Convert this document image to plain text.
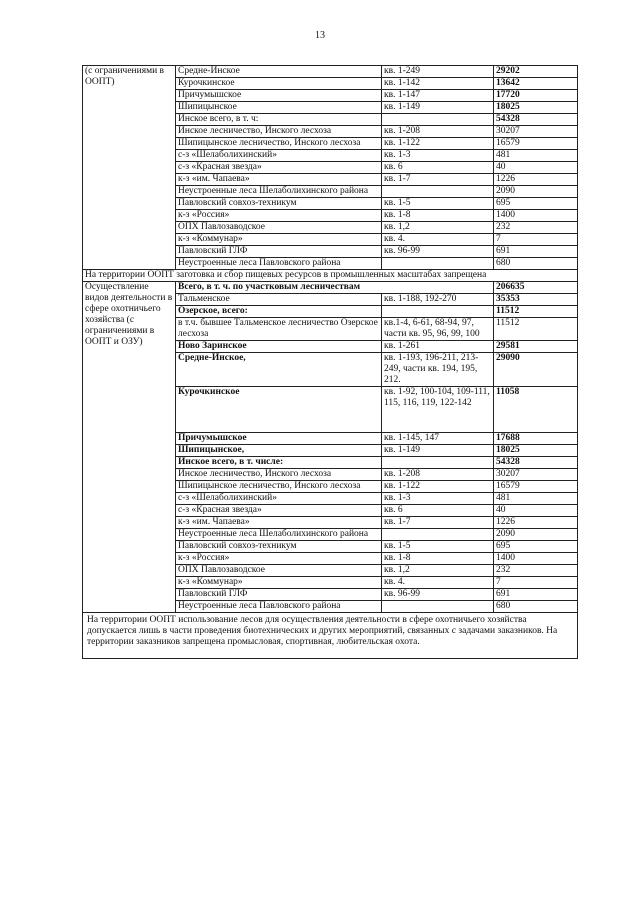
13
(с ограничениями в ООПТ)	Средне-Инское	кв. 1-249	29202
	Курочкинское	кв. 1-142	13642
	Причумышское	кв. 1-147	17720
	Шипицынское	кв. 1-149	18025
	Инское всего, в т. ч:		54328
	Инское лесничество, Инского лесхоза	кв. 1-208	30207
	Шипицынское лесничество, Инского лесхоза	кв. 1-122	16579
	с-з «Шелаболихинский»	кв. 1-3	481
	с-з «Красная звезда»	кв. 6	40
	к-з «им. Чапаева»	кв. 1-7	1226
	Неустроенные леса Шелаболихинского района		2090
	Павловский совхоз-техникум	кв. 1-5	695
	к-з «Россия»	кв. 1-8	1400
	ОПХ Павлозаводское	кв. 1,2	232
	к-з «Коммунар»	кв. 4.	7
	Павловский ГЛФ	кв. 96-99	691
	Неустроенные леса Павловского района		680
На территории ООПТ заготовка и сбор пищевых ресурсов в промышленных масштабах запрещена			
Осуществление видов деятельности в сфере охотничьего хозяйства (с ограничениями в ООПТ и ОЗУ)	Всего, в т. ч. по участковым лесничествам		206635
	Тальменское	кв. 1-188, 192-270	35353
	Озерское, всего:		11512
	в т.ч. бывшее Тальменское лесничество Озерское лесхоза	кв.1-4, 6-61, 68-94, 97, части кв. 95, 96, 99, 100	11512
	Ново Заринское	кв. 1-261	29581
	Средне-Инское,	кв. 1-193, 196-211, 213-249, части кв. 194, 195, 212.	29090
	Курочкинское	кв. 1-92, 100-104, 109-111, 115, 116, 119, 122-142	11058
	Причумышское	кв. 1-145, 147	17688
	Шипицынское,	кв. 1-149	18025
	Инское всего, в т. числе:		54328
	Инское лесничество, Инского лесхоза	кв. 1-208	30207
	Шипицынское лесничество, Инского лесхоза	кв. 1-122	16579
	с-з «Шелаболихинский»	кв. 1-3	481
	с-з «Красная звезда»	кв. 6	40
	к-з «им. Чапаева»	кв. 1-7	1226
	Неустроенные леса Шелаболихинского района		2090
	Павловский совхоз-техникум	кв. 1-5	695
	к-з «Россия»	кв. 1-8	1400
	ОПХ Павлозаводское	кв. 1,2	232
	к-з «Коммунар»	кв. 4.	7
	Павловский ГЛФ	кв. 96-99	691
	Неустроенные леса Павловского района		680
На территории ООПТ использование лесов для осуществления деятельности в сфере охотничьего хозяйства допускается лишь в части проведения биотехнических и других мероприятий, связанных с задачами заказников. На территории заказников запрещена промысловая, спортивная, любительская охота.			
